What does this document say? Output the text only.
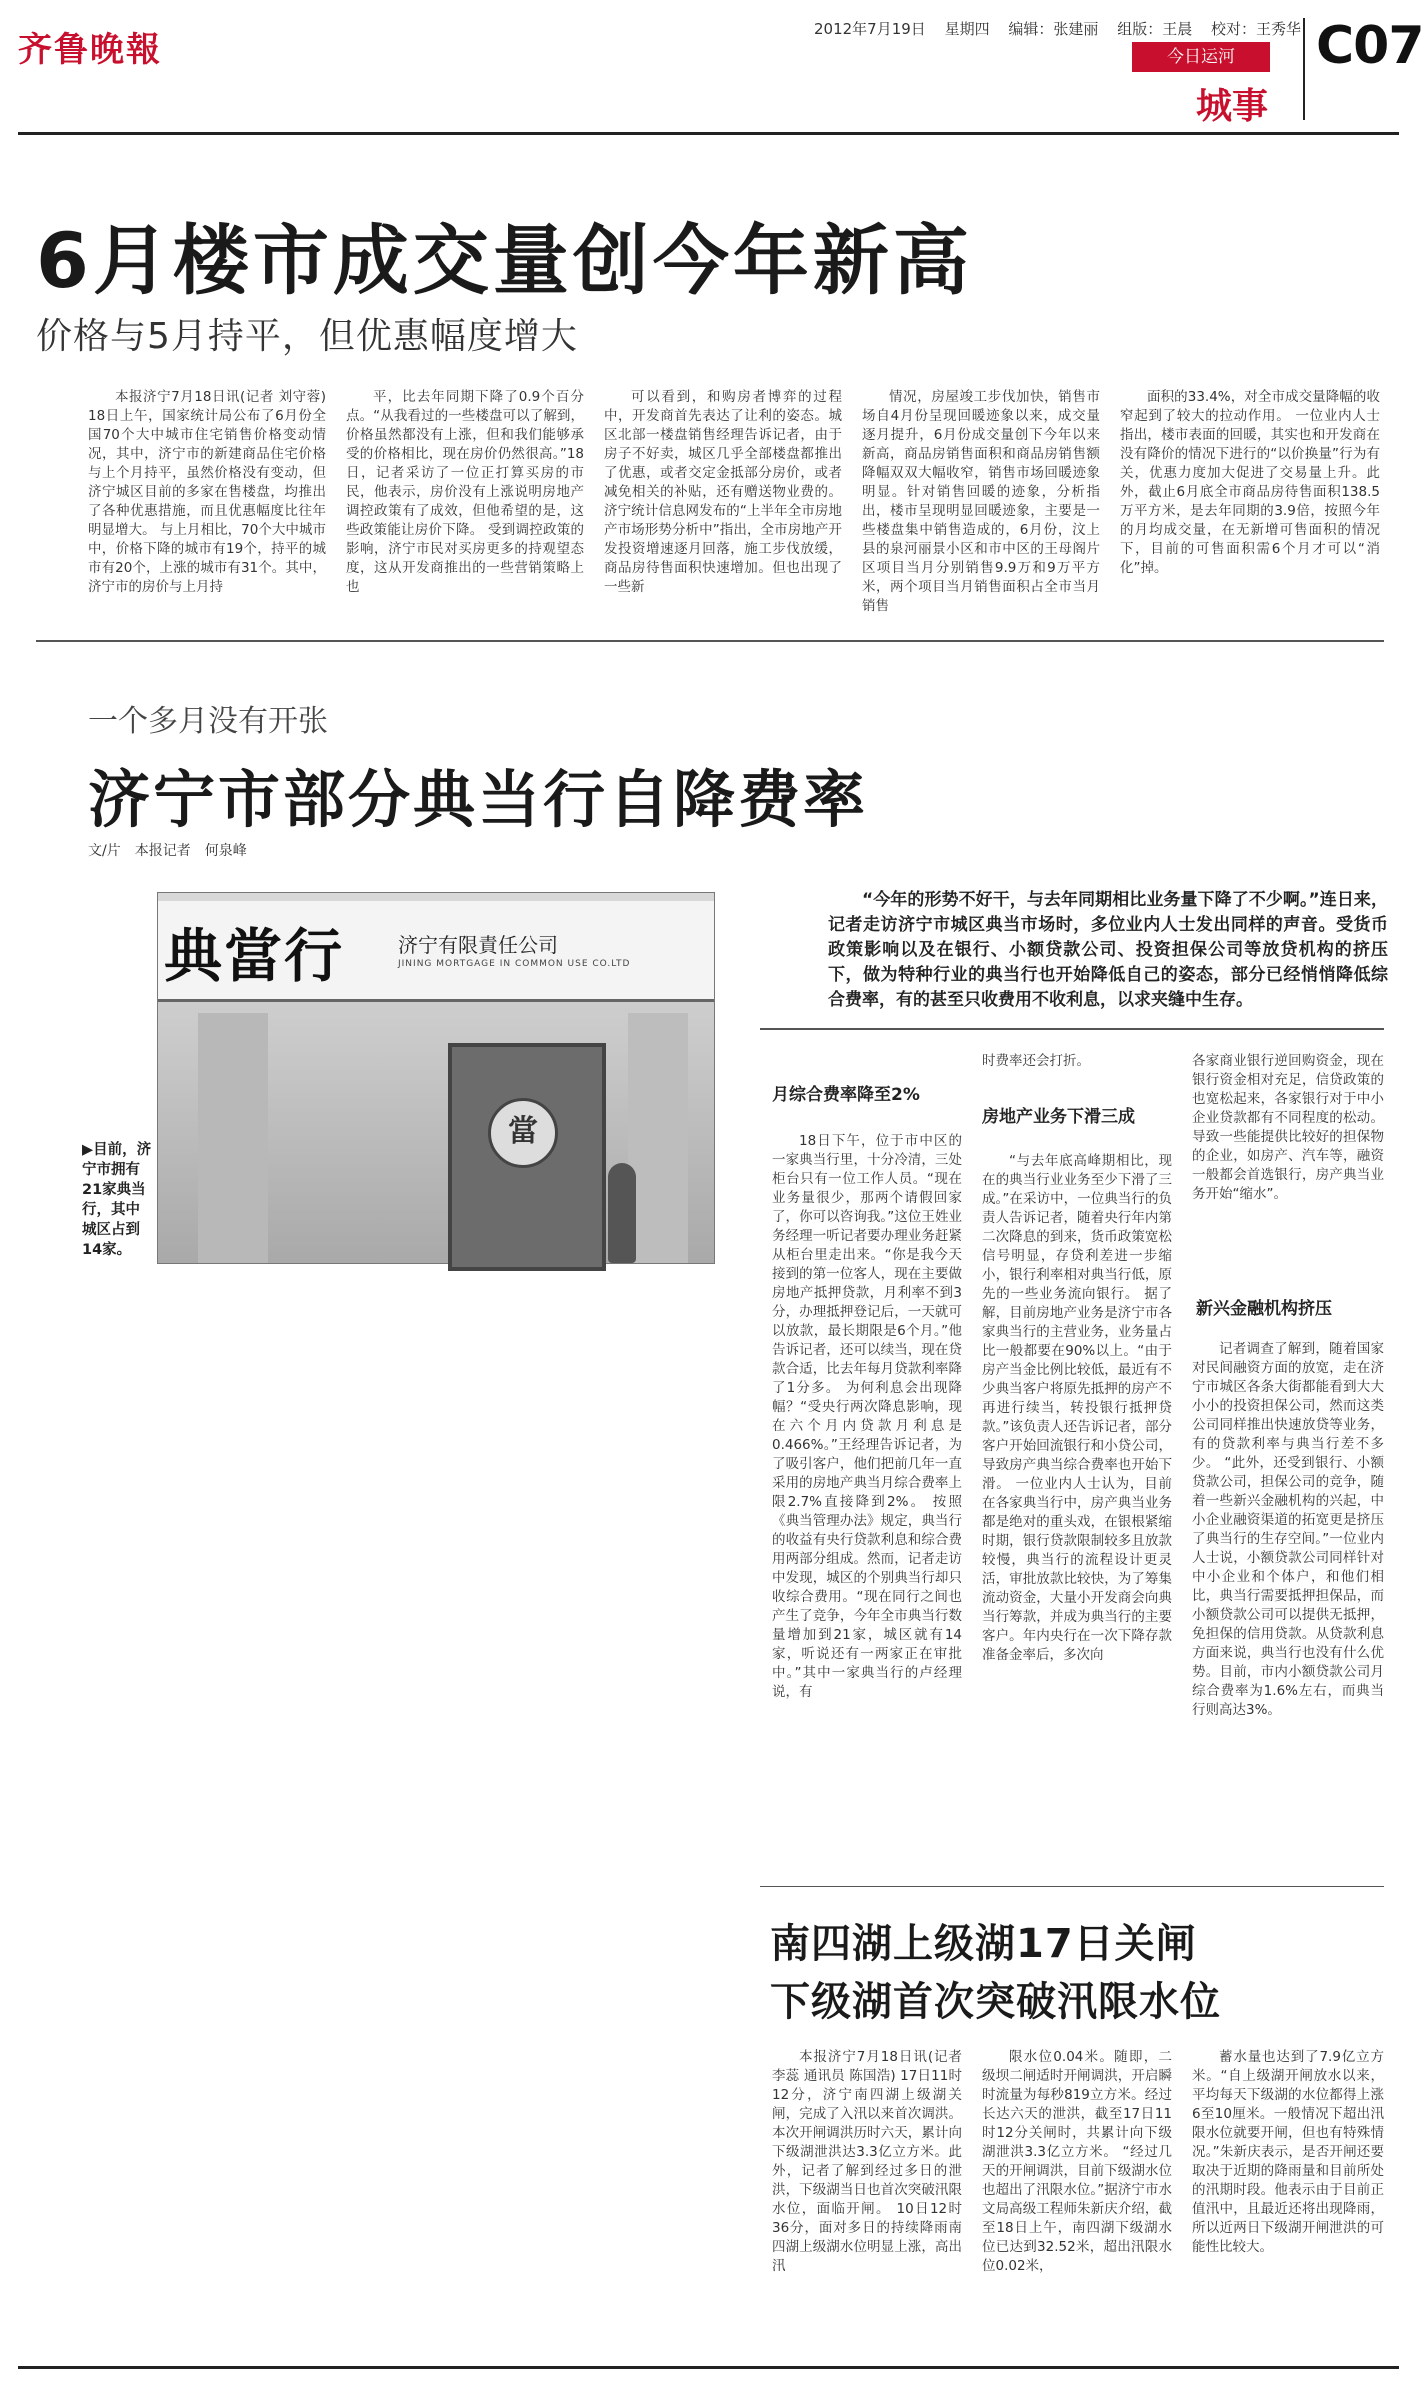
齐鲁晚報
2012年7月19日 星期四 编辑：张建丽 组版：王晨 校对：王秀华
今日运河
城事
C07
6月楼市成交量创今年新高
价格与5月持平，但优惠幅度增大

本报济宁7月18日讯(记者 刘守蓉) 18日上午，国家统计局公布了6月份全国70个大中城市住宅销售价格变动情况，其中，济宁市的新建商品住宅价格与上个月持平，虽然价格没有变动，但济宁城区目前的多家在售楼盘，均推出了各种优惠措施，而且优惠幅度比往年明显增大。 与上月相比，70个大中城市中，价格下降的城市有19个，持平的城市有20个，上涨的城市有31个。其中，济宁市的房价与上月持

平，比去年同期下降了0.9个百分点。“从我看过的一些楼盘可以了解到，价格虽然都没有上涨，但和我们能够承受的价格相比，现在房价仍然很高。”18日，记者采访了一位正打算买房的市民，他表示，房价没有上涨说明房地产调控政策有了成效，但他希望的是，这些政策能让房价下降。 受到调控政策的影响，济宁市民对买房更多的持观望态度，这从开发商推出的一些营销策略上也

可以看到，和购房者博弈的过程中，开发商首先表达了让利的姿态。城区北部一楼盘销售经理告诉记者，由于房子不好卖，城区几乎全部楼盘都推出了优惠，或者交定金抵部分房价，或者减免相关的补贴，还有赠送物业费的。 济宁统计信息网发布的“上半年全市房地产市场形势分析中”指出，全市房地产开发投资增速逐月回落，施工步伐放缓，商品房待售面积快速增加。但也出现了一些新

情况，房屋竣工步伐加快，销售市场自4月份呈现回暖迹象以来，成交量逐月提升，6月份成交量创下今年以来新高，商品房销售面积和商品房销售额降幅双双大幅收窄，销售市场回暖迹象明显。针对销售回暖的迹象，分析指出，楼市呈现明显回暖迹象，主要是一些楼盘集中销售造成的，6月份，汶上县的泉河丽景小区和市中区的王母阁片区项目当月分别销售9.9万和9万平方米，两个项目当月销售面积占全市当月销售

面积的33.4%，对全市成交量降幅的收窄起到了较大的拉动作用。 一位业内人士指出，楼市表面的回暖，其实也和开发商在没有降价的情况下进行的“以价换量”行为有关，优惠力度加大促进了交易量上升。此外，截止6月底全市商品房待售面积138.5万平方米，是去年同期的3.9倍，按照今年的月均成交量，在无新增可售面积的情况下，目前的可售面积需6个月才可以“消化”掉。

一个多月没有开张
济宁市部分典当行自降费率
文/片　本报记者　何泉峰
典當行	济宁有限責任公司
JINING MORTGAGE IN COMMON USE CO.LTD
當
▶目前，济宁市拥有21家典当行，其中城区占到14家。

“今年的形势不好干，与去年同期相比业务量下降了不少啊。”连日来，记者走访济宁市城区典当市场时，多位业内人士发出同样的声音。受货币政策影响以及在银行、小额贷款公司、投资担保公司等放贷机构的挤压下，做为特种行业的典当行也开始降低自己的姿态，部分已经悄悄降低综合费率，有的甚至只收费用不收利息，以求夹缝中生存。

月综合费率降至2%

18日下午，位于市中区的一家典当行里，十分冷清，三处柜台只有一位工作人员。“现在业务量很少，那两个请假回家了，你可以咨询我。”这位王姓业务经理一听记者要办理业务赶紧从柜台里走出来。“你是我今天接到的第一位客人，现在主要做房地产抵押贷款，月利率不到3分，办理抵押登记后，一天就可以放款，最长期限是6个月。”他告诉记者，还可以续当，现在贷款合适，比去年每月贷款利率降了1分多。 为何利息会出现降幅？“受央行两次降息影响，现在六个月内贷款月利息是0.466%。”王经理告诉记者，为了吸引客户，他们把前几年一直采用的房地产典当月综合费率上限2.7%直接降到2%。 按照《典当管理办法》规定，典当行的收益有央行贷款利息和综合费用两部分组成。然而，记者走访中发现，城区的个别典当行却只收综合费用。“现在同行之间也产生了竞争，今年全市典当行数量增加到21家，城区就有14家，听说还有一两家正在审批中。”其中一家典当行的卢经理说，有

时费率还会打折。

房地产业务下滑三成

“与去年底高峰期相比，现在的典当行业业务至少下滑了三成。”在采访中，一位典当行的负责人告诉记者，随着央行年内第二次降息的到来，货币政策宽松信号明显，存贷利差进一步缩小，银行利率相对典当行低，原先的一些业务流向银行。 据了解，目前房地产业务是济宁市各家典当行的主营业务，业务量占比一般都要在90%以上。“由于房产当金比例比较低，最近有不少典当客户将原先抵押的房产不再进行续当，转投银行抵押贷款。”该负责人还告诉记者，部分客户开始回流银行和小贷公司，导致房产典当综合费率也开始下滑。 一位业内人士认为，目前在各家典当行中，房产典当业务都是绝对的重头戏，在银根紧缩时期，银行贷款限制较多且放款较慢，典当行的流程设计更灵活，审批放款比较快，为了筹集流动资金，大量小开发商会向典当行筹款，并成为典当行的主要客户。年内央行在一次下降存款准备金率后，多次向

各家商业银行逆回购资金，现在银行资金相对充足，信贷政策的也宽松起来，各家银行对于中小企业贷款都有不同程度的松动。导致一些能提供比较好的担保物的企业，如房产、汽车等，融资一般都会首选银行，房产典当业务开始“缩水”。

新兴金融机构挤压

记者调查了解到，随着国家对民间融资方面的放宽，走在济宁市城区各条大街都能看到大大小小的投资担保公司，然而这类公司同样推出快速放贷等业务，有的贷款利率与典当行差不多少。 “此外，还受到银行、小额贷款公司，担保公司的竞争，随着一些新兴金融机构的兴起，中小企业融资渠道的拓宽更是挤压了典当行的生存空间。”一位业内人士说，小额贷款公司同样针对中小企业和个体户，和他们相比，典当行需要抵押担保品，而小额贷款公司可以提供无抵押，免担保的信用贷款。从贷款利息方面来说，典当行也没有什么优势。目前，市内小额贷款公司月综合费率为1.6%左右，而典当行则高达3%。

南四湖上级湖17日关闸
下级湖首次突破汛限水位

本报济宁7月18日讯(记者 李蕊 通讯员 陈国浩) 17日11时12分，济宁南四湖上级湖关闸，完成了入汛以来首次调洪。本次开闸调洪历时六天，累计向下级湖泄洪达3.3亿立方米。此外，记者了解到经过多日的泄洪，下级湖当日也首次突破汛限水位，面临开闸。 10日12时36分，面对多日的持续降雨南四湖上级湖水位明显上涨，高出汛

限水位0.04米。随即，二级坝二闸适时开闸调洪，开启瞬时流量为每秒819立方米。经过长达六天的泄洪，截至17日11时12分关闸时，共累计向下级湖泄洪3.3亿立方米。 “经过几天的开闸调洪，目前下级湖水位也超出了汛限水位。”据济宁市水文局高级工程师朱新庆介绍，截至18日上午，南四湖下级湖水位已达到32.52米，超出汛限水位0.02米，

蓄水量也达到了7.9亿立方米。“自上级湖开闸放水以来，平均每天下级湖的水位都得上涨6至10厘米。一般情况下超出汛限水位就要开闸，但也有特殊情况。”朱新庆表示，是否开闸还要取决于近期的降雨量和目前所处的汛期时段。他表示由于目前正值汛中，且最近还将出现降雨，所以近两日下级湖开闸泄洪的可能性比较大。
